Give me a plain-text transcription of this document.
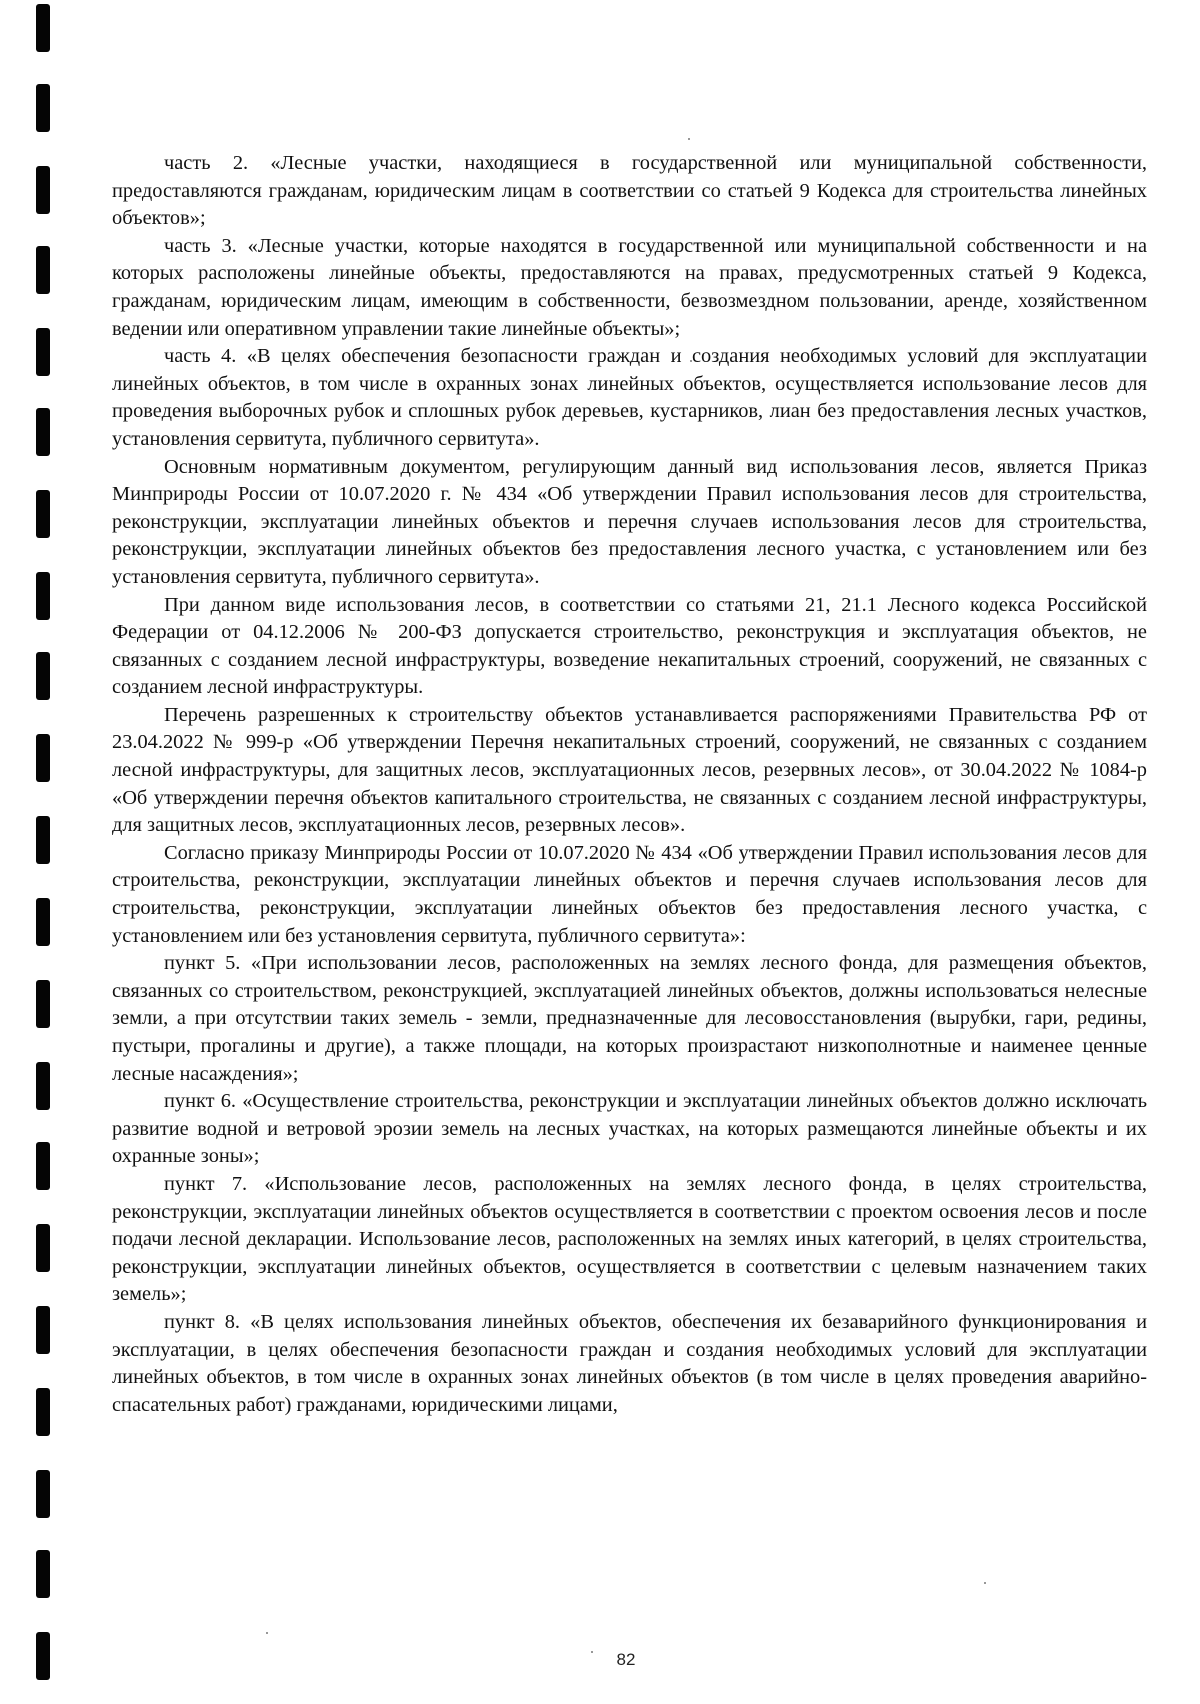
часть 2. «Лесные участки, находящиеся в государственной или муниципальной собственности, предоставляются гражданам, юридическим лицам в соответствии со статьей 9 Кодекса для строительства линейных объектов»;

часть 3. «Лесные участки, которые находятся в государственной или муниципальной собственности и на которых расположены линейные объекты, предоставляются на правах, предусмотренных статьей 9 Кодекса, гражданам, юридическим лицам, имеющим в собственности, безвозмездном пользовании, аренде, хозяйственном ведении или оперативном управлении такие линейные объекты»;

часть 4. «В целях обеспечения безопасности граждан и создания необходимых условий для эксплуатации линейных объектов, в том числе в охранных зонах линейных объектов, осуществляется использование лесов для проведения выборочных рубок и сплошных рубок деревьев, кустарников, лиан без предоставления лесных участков, установления сервитута, публичного сервитута».

Основным нормативным документом, регулирующим данный вид использования лесов, является Приказ Минприроды России от 10.07.2020 г. № 434 «Об утверждении Правил использования лесов для строительства, реконструкции, эксплуатации линейных объектов и перечня случаев использования лесов для строительства, реконструкции, эксплуатации линейных объектов без предоставления лесного участка, с установлением или без установления сервитута, публичного сервитута».

При данном виде использования лесов, в соответствии со статьями 21, 21.1 Лесного кодекса Российской Федерации от 04.12.2006 № 200-ФЗ допускается строительство, реконструкция и эксплуатация объектов, не связанных с созданием лесной инфраструктуры, возведение некапитальных строений, сооружений, не связанных с созданием лесной инфраструктуры.

Перечень разрешенных к строительству объектов устанавливается распоряжениями Правительства РФ от 23.04.2022 № 999-р «Об утверждении Перечня некапитальных строений, сооружений, не связанных с созданием лесной инфраструктуры, для защитных лесов, эксплуатационных лесов, резервных лесов», от 30.04.2022 № 1084-р «Об утверждении перечня объектов капитального строительства, не связанных с созданием лесной инфраструктуры, для защитных лесов, эксплуатационных лесов, резервных лесов».

Согласно приказу Минприроды России от 10.07.2020 № 434 «Об утверждении Правил использования лесов для строительства, реконструкции, эксплуатации линейных объектов и перечня случаев использования лесов для строительства, реконструкции, эксплуатации линейных объектов без предоставления лесного участка, с установлением или без установления сервитута, публичного сервитута»:

пункт 5. «При использовании лесов, расположенных на землях лесного фонда, для размещения объектов, связанных со строительством, реконструкцией, эксплуатацией линейных объектов, должны использоваться нелесные земли, а при отсутствии таких земель - земли, предназначенные для лесовосстановления (вырубки, гари, редины, пустыри, прогалины и другие), а также площади, на которых произрастают низкополнотные и наименее ценные лесные насаждения»;

пункт 6. «Осуществление строительства, реконструкции и эксплуатации линейных объектов должно исключать развитие водной и ветровой эрозии земель на лесных участках, на которых размещаются линейные объекты и их охранные зоны»;

пункт 7. «Использование лесов, расположенных на землях лесного фонда, в целях строительства, реконструкции, эксплуатации линейных объектов осуществляется в соответствии с проектом освоения лесов и после подачи лесной декларации. Использование лесов, расположенных на землях иных категорий, в целях строительства, реконструкции, эксплуатации линейных объектов, осуществляется в соответствии с целевым назначением таких земель»;

пункт 8. «В целях использования линейных объектов, обеспечения их безаварийного функционирования и эксплуатации, в целях обеспечения безопасности граждан и создания необходимых условий для эксплуатации линейных объектов, в том числе в охранных зонах линейных объектов (в том числе в целях проведения аварийно-спасательных работ) гражданами, юридическими лицами,

82
